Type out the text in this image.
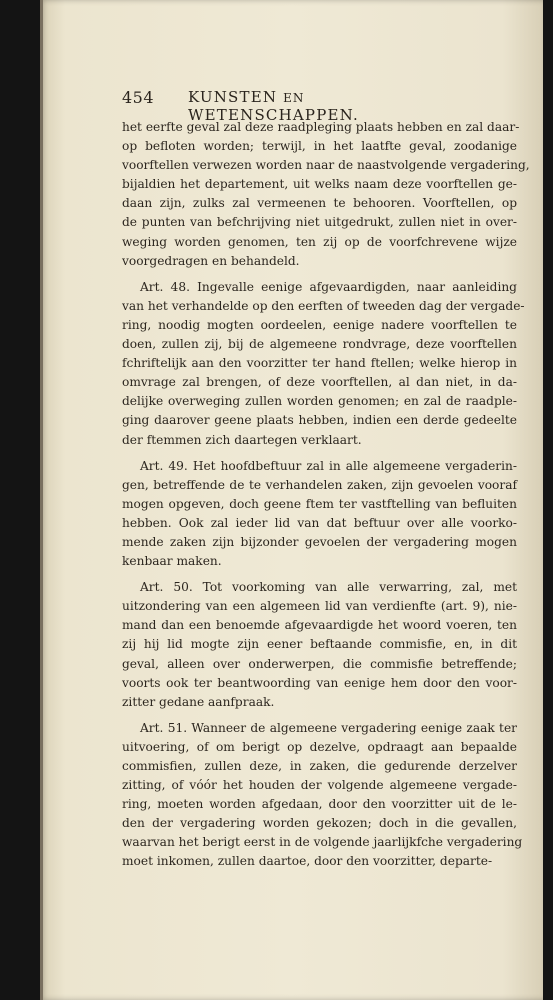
454 KUNSTEN EN WETENSCHAPPEN.
het eerfte geval zal deze raadpleging plaats hebben en zal daar-
op befloten worden; terwijl, in het laatfte geval, zoodanige
voorftellen verwezen worden naar de naastvolgende vergadering,
bijaldien het departement, uit welks naam deze voorftellen ge-
daan zijn, zulks zal vermeenen te behooren. Voorftellen, op
de punten van befchrijving niet uitgedrukt, zullen niet in over-
weging worden genomen, ten zij op de voorfchrevene wijze
voorgedragen en behandeld.
Art. 48. Ingevalle eenige afgevaardigden, naar aanleiding
van het verhandelde op den eerften of tweeden dag der vergade-
ring, noodig mogten oordeelen, eenige nadere voorftellen te
doen, zullen zij, bij de algemeene rondvrage, deze voorftellen
fchriftelijk aan den voorzitter ter hand ftellen; welke hierop in
omvrage zal brengen, of deze voorftellen, al dan niet, in da-
delijke overweging zullen worden genomen; en zal de raadple-
ging daarover geene plaats hebben, indien een derde gedeelte
der ftemmen zich daartegen verklaart.
Art. 49. Het hoofdbeftuur zal in alle algemeene vergaderin-
gen, betreffende de te verhandelen zaken, zijn gevoelen vooraf
mogen opgeven, doch geene ftem ter vastftelling van befluiten
hebben. Ook zal ieder lid van dat beftuur over alle voorko-
mende zaken zijn bijzonder gevoelen der vergadering mogen
kenbaar maken.
Art. 50. Tot voorkoming van alle verwarring, zal, met
uitzondering van een algemeen lid van verdienfte (art. 9), nie-
mand dan een benoemde afgevaardigde het woord voeren, ten
zij hij lid mogte zijn eener beftaande commisfie, en, in dit
geval, alleen over onderwerpen, die commisfie betreffende;
voorts ook ter beantwoording van eenige hem door den voor-
zitter gedane aanfpraak.
Art. 51. Wanneer de algemeene vergadering eenige zaak ter
uitvoering, of om berigt op dezelve, opdraagt aan bepaalde
commisfien, zullen deze, in zaken, die gedurende derzelver
zitting, of vóór het houden der volgende algemeene vergade-
ring, moeten worden afgedaan, door den voorzitter uit de le-
den der vergadering worden gekozen; doch in die gevallen,
waarvan het berigt eerst in de volgende jaarlijkfche vergadering
moet inkomen, zullen daartoe, door den voorzitter, departe-
